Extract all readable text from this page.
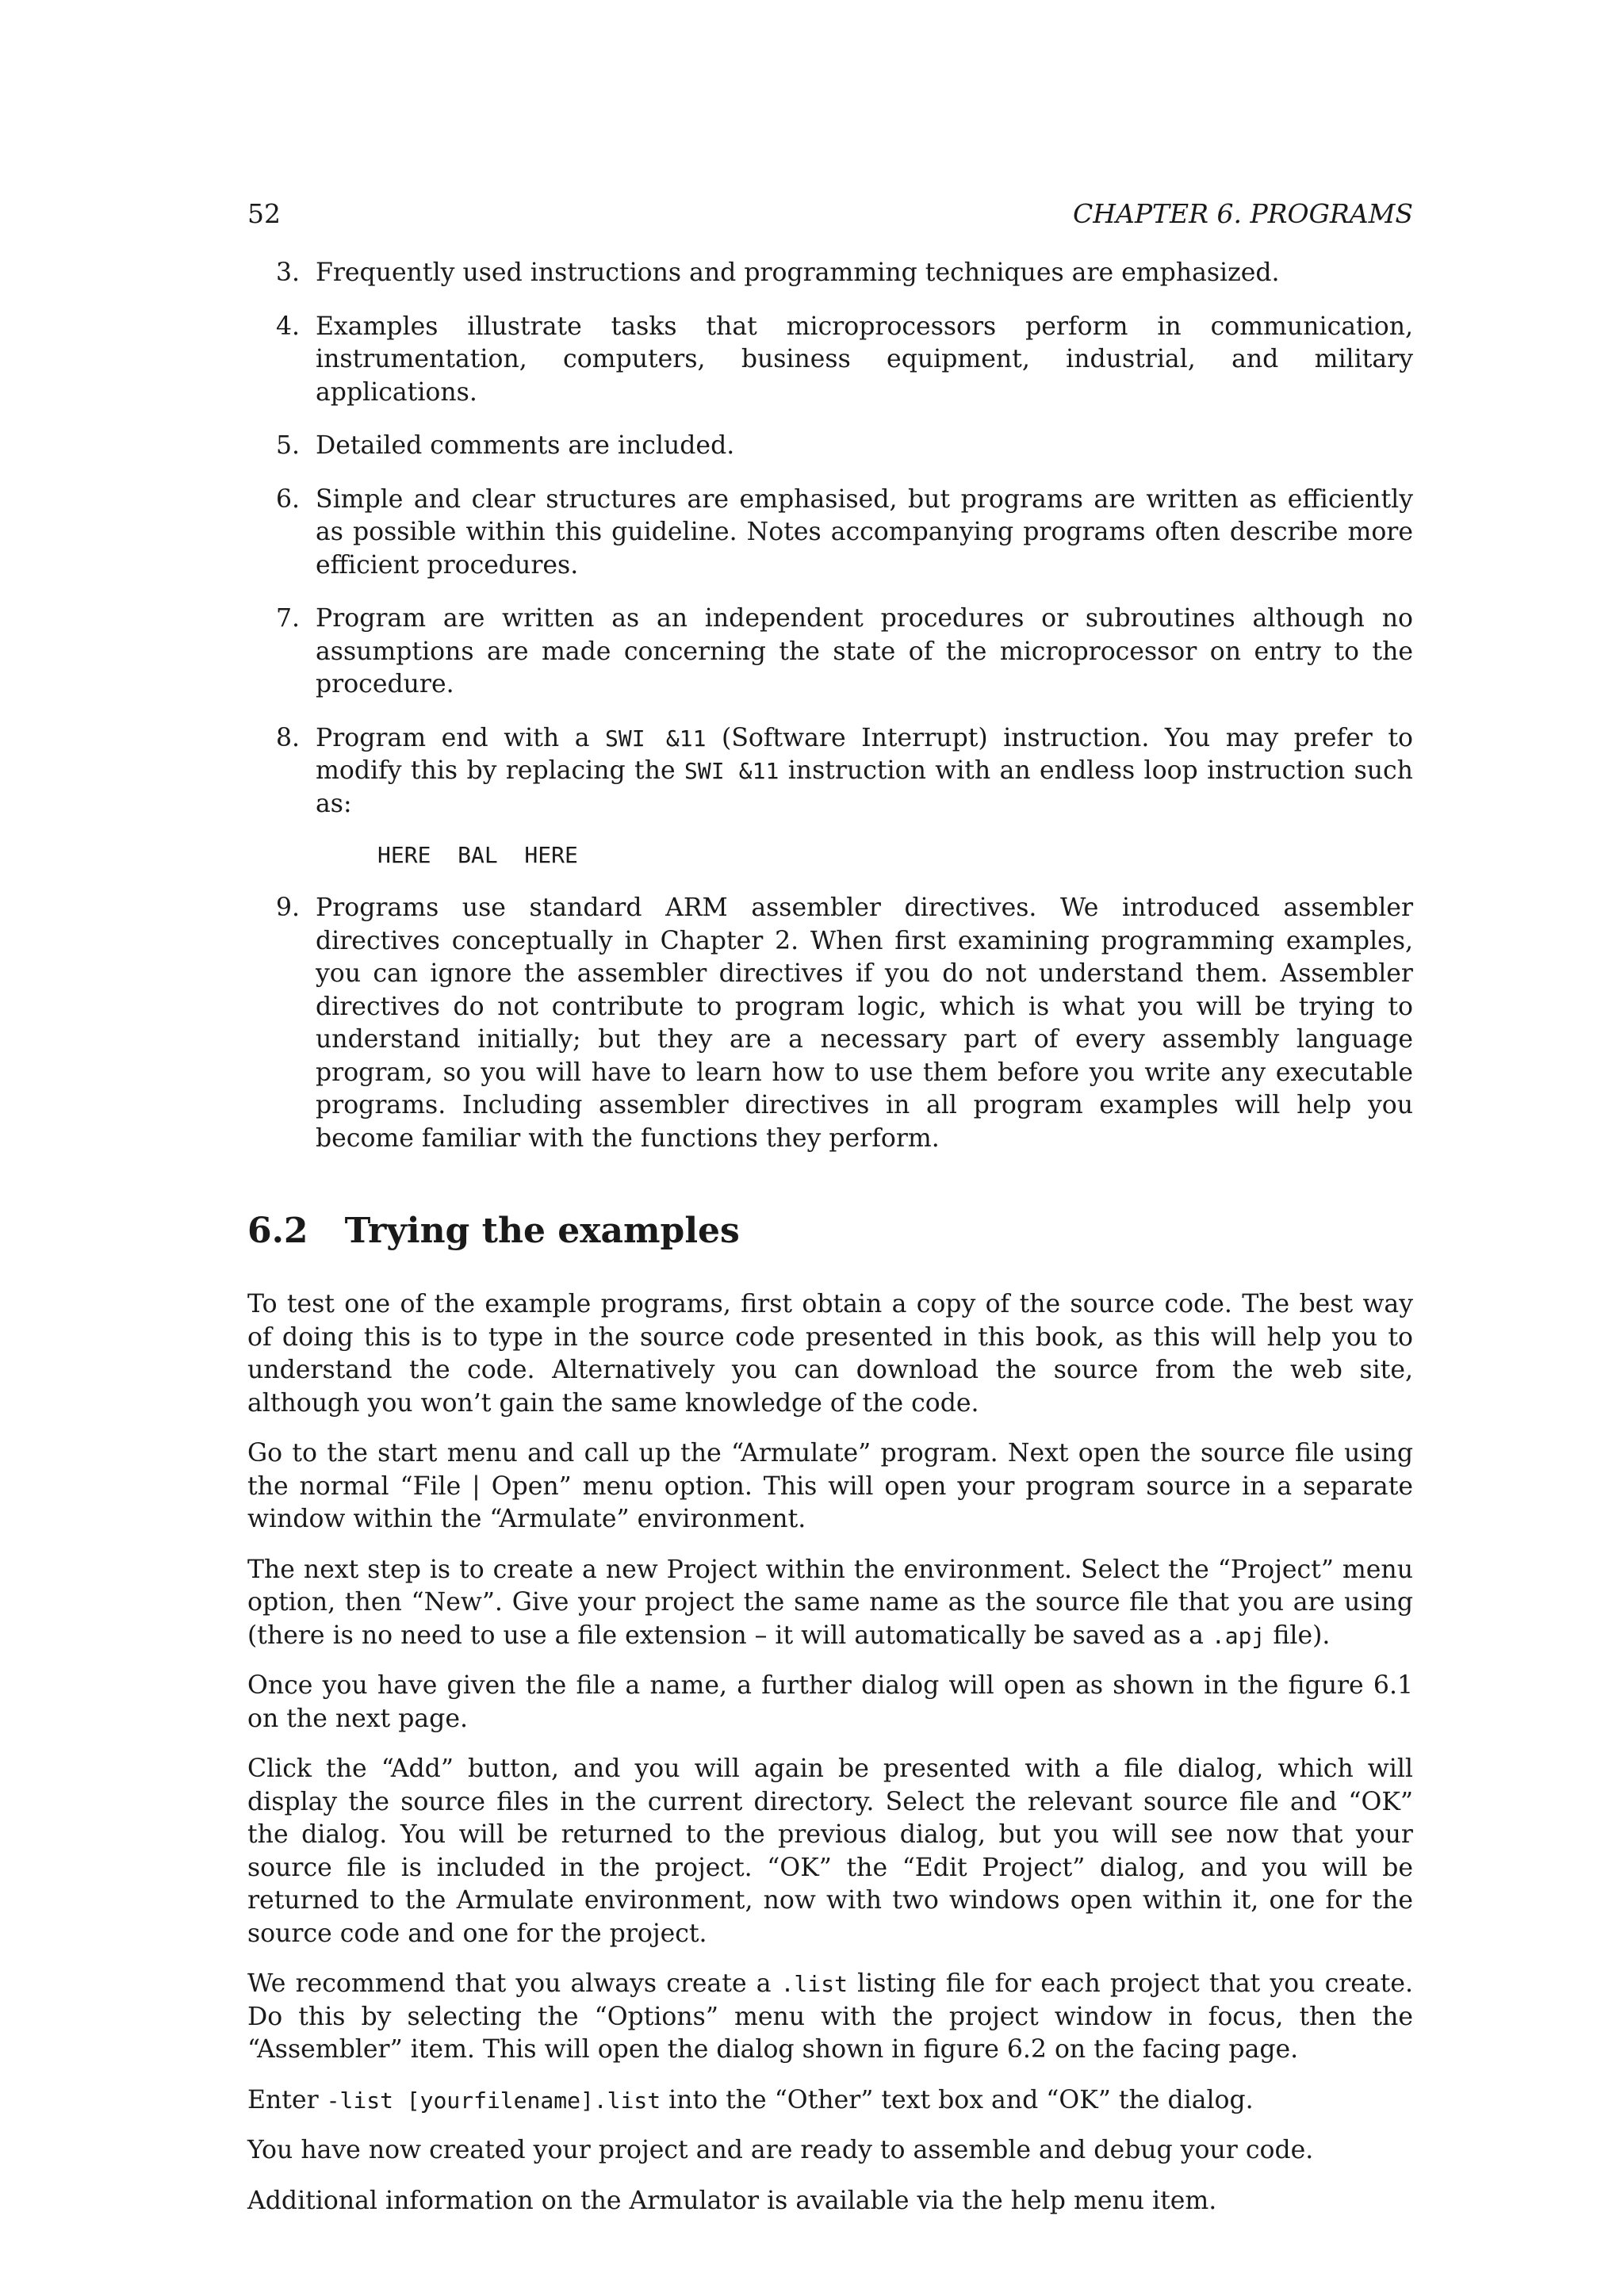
52	CHAPTER 6. PROGRAMS
3. Frequently used instructions and programming techniques are emphasized.
4. Examples illustrate tasks that microprocessors perform in communication, instrumentation, computers, business equipment, industrial, and military applications.
5. Detailed comments are included.
6. Simple and clear structures are emphasised, but programs are written as efficiently as possible within this guideline. Notes accompanying programs often describe more efficient procedures.
7. Program are written as an independent procedures or subroutines although no assumptions are made concerning the state of the microprocessor on entry to the procedure.
8. Program end with a SWI &11 (Software Interrupt) instruction. You may prefer to modify this by replacing the SWI &11 instruction with an endless loop instruction such as:
HERE  BAL  HERE
9. Programs use standard ARM assembler directives. We introduced assembler directives conceptually in Chapter 2. When first examining programming examples, you can ignore the assembler directives if you do not understand them. Assembler directives do not contribute to program logic, which is what you will be trying to understand initially; but they are a necessary part of every assembly language program, so you will have to learn how to use them before you write any executable programs. Including assembler directives in all program examples will help you become familiar with the functions they perform.
6.2 Trying the examples

To test one of the example programs, first obtain a copy of the source code. The best way of doing this is to type in the source code presented in this book, as this will help you to understand the code. Alternatively you can download the source from the web site, although you won’t gain the same knowledge of the code.

Go to the start menu and call up the “Armulate” program. Next open the source file using the normal “File | Open” menu option. This will open your program source in a separate window within the “Armulate” environment.

The next step is to create a new Project within the environment. Select the “Project” menu option, then “New”. Give your project the same name as the source file that you are using (there is no need to use a file extension – it will automatically be saved as a .apj file).

Once you have given the file a name, a further dialog will open as shown in the figure 6.1 on the next page.

Click the “Add” button, and you will again be presented with a file dialog, which will display the source files in the current directory. Select the relevant source file and “OK” the dialog. You will be returned to the previous dialog, but you will see now that your source file is included in the project. “OK” the “Edit Project” dialog, and you will be returned to the Armulate environment, now with two windows open within it, one for the source code and one for the project.

We recommend that you always create a .list listing file for each project that you create. Do this by selecting the “Options” menu with the project window in focus, then the “Assembler” item. This will open the dialog shown in figure 6.2 on the facing page.

Enter -list [yourfilename].list into the “Other” text box and “OK” the dialog.

You have now created your project and are ready to assemble and debug your code.

Additional information on the Armulator is available via the help menu item.
